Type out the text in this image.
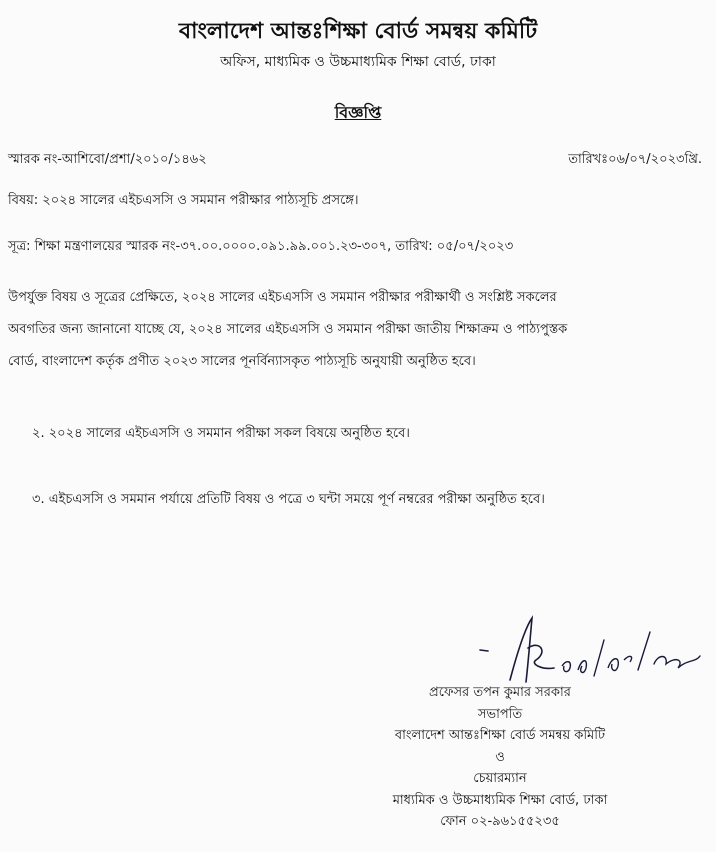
বাংলাদেশ আন্তঃশিক্ষা বোর্ড সমন্বয় কমিটি
অফিস, মাধ্যমিক ও উচ্চমাধ্যমিক শিক্ষা বোর্ড, ঢাকা
বিজ্ঞপ্তি
স্মারক নং-আশিবো/প্রশা/২০১০/১৪৬২	তারিখঃ০৬/০৭/২০২৩খ্রি.
বিষয়: ২০২৪ সালের এইচএসসি ও সমমান পরীক্ষার পাঠ্যসূচি প্রসঙ্গে।
সূত্র: শিক্ষা মন্ত্রণালয়ের স্মারক নং-৩৭.০০.০০০০.০৯১.৯৯.০০১.২৩-৩০৭, তারিখ: ০৫/০৭/২০২৩
উপর্যুক্ত বিষয় ও সূত্রের প্রেক্ষিতে, ২০২৪ সালের এইচএসসি ও সমমান পরীক্ষার পরীক্ষার্থী ও সংশ্লিষ্ট সকলের
অবগতির জন্য জানানো যাচ্ছে যে, ২০২৪ সালের এইচএসসি ও সমমান পরীক্ষা জাতীয় শিক্ষাক্রম ও পাঠ্যপুস্তক
বোর্ড, বাংলাদেশ কর্তৃক প্রণীত ২০২৩ সালের পূনর্বিন্যাসকৃত পাঠ্যসূচি অনুযায়ী অনুষ্ঠিত হবে।
২. ২০২৪ সালের এইচএসসি ও সমমান পরীক্ষা সকল বিষয়ে অনুষ্ঠিত হবে।
৩. এইচএসসি ও সমমান পর্যায়ে প্রতিটি বিষয় ও পত্রে ৩ ঘন্টা সময়ে পূর্ণ নম্বরের পরীক্ষা অনুষ্ঠিত হবে।
প্রফেসর তপন কুমার সরকার
সভাপতি
বাংলাদেশ আন্তঃশিক্ষা বোর্ড সমন্বয় কমিটি
ও
চেয়ারম্যান
মাধ্যমিক ও উচ্চমাধ্যমিক শিক্ষা বোর্ড, ঢাকা
ফোন ০২-৯৬১৫৫২৩৫
